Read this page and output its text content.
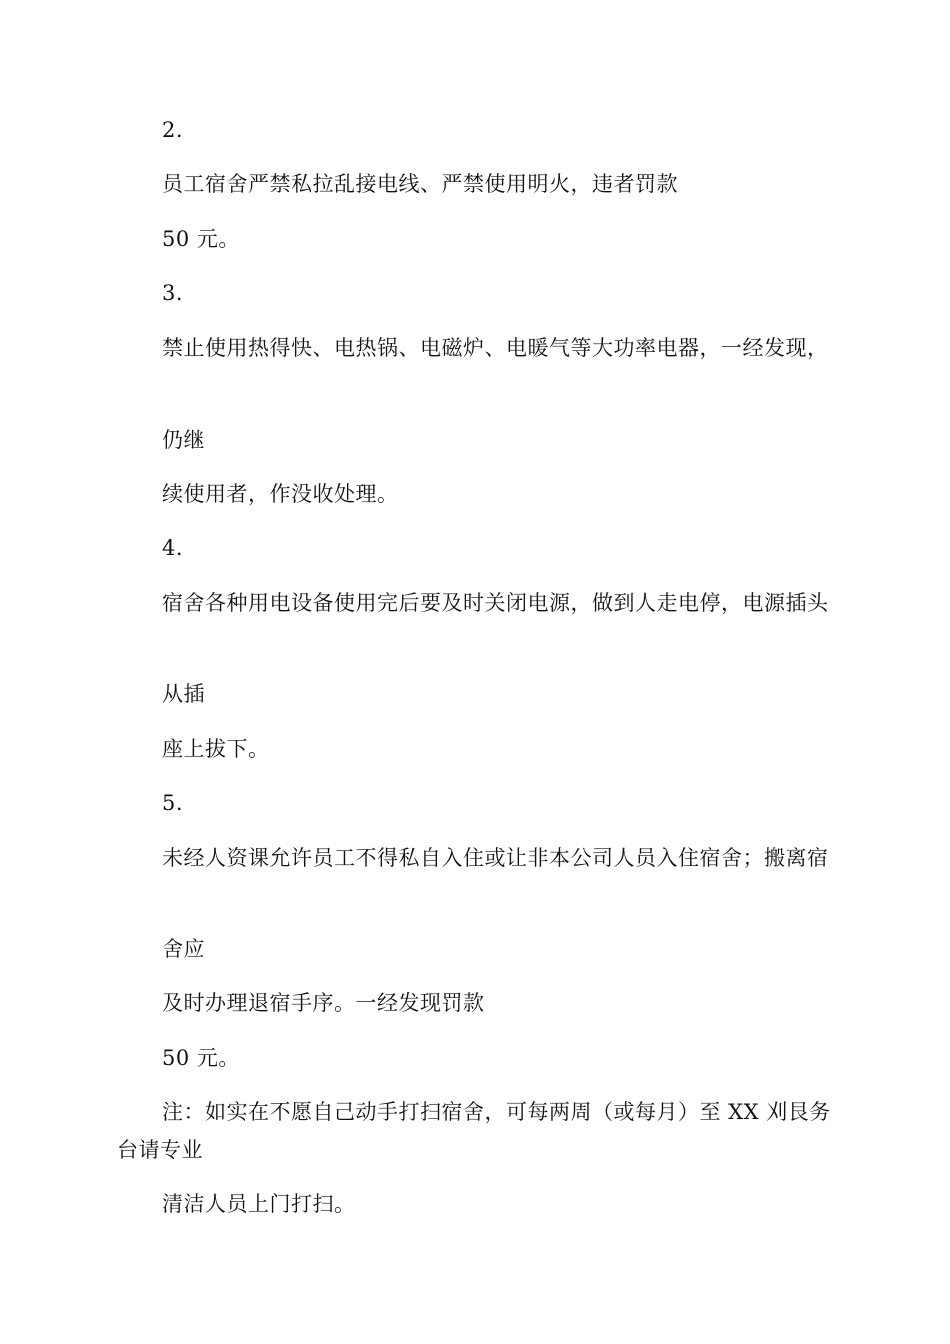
2.

员工宿舍严禁私拉乱接电线、严禁使用明火，违者罚款

50 元。

3.

禁止使用热得快、电热锅、电磁炉、电暖气等大功率电器，一经发现，

仍继

续使用者，作没收处理。

4.

宿舍各种用电设备使用完后要及时关闭电源，做到人走电停，电源插头

从插

座上拔下。

5.

未经人资课允许员工不得私自入住或让非本公司人员入住宿舍；搬离宿

舍应

及时办理退宿手序。一经发现罚款

50 元。

注：如实在不愿自己动手打扫宿舍，可每两周（或每月）至 XX 刈艮务台请专业

清洁人员上门打扫。
